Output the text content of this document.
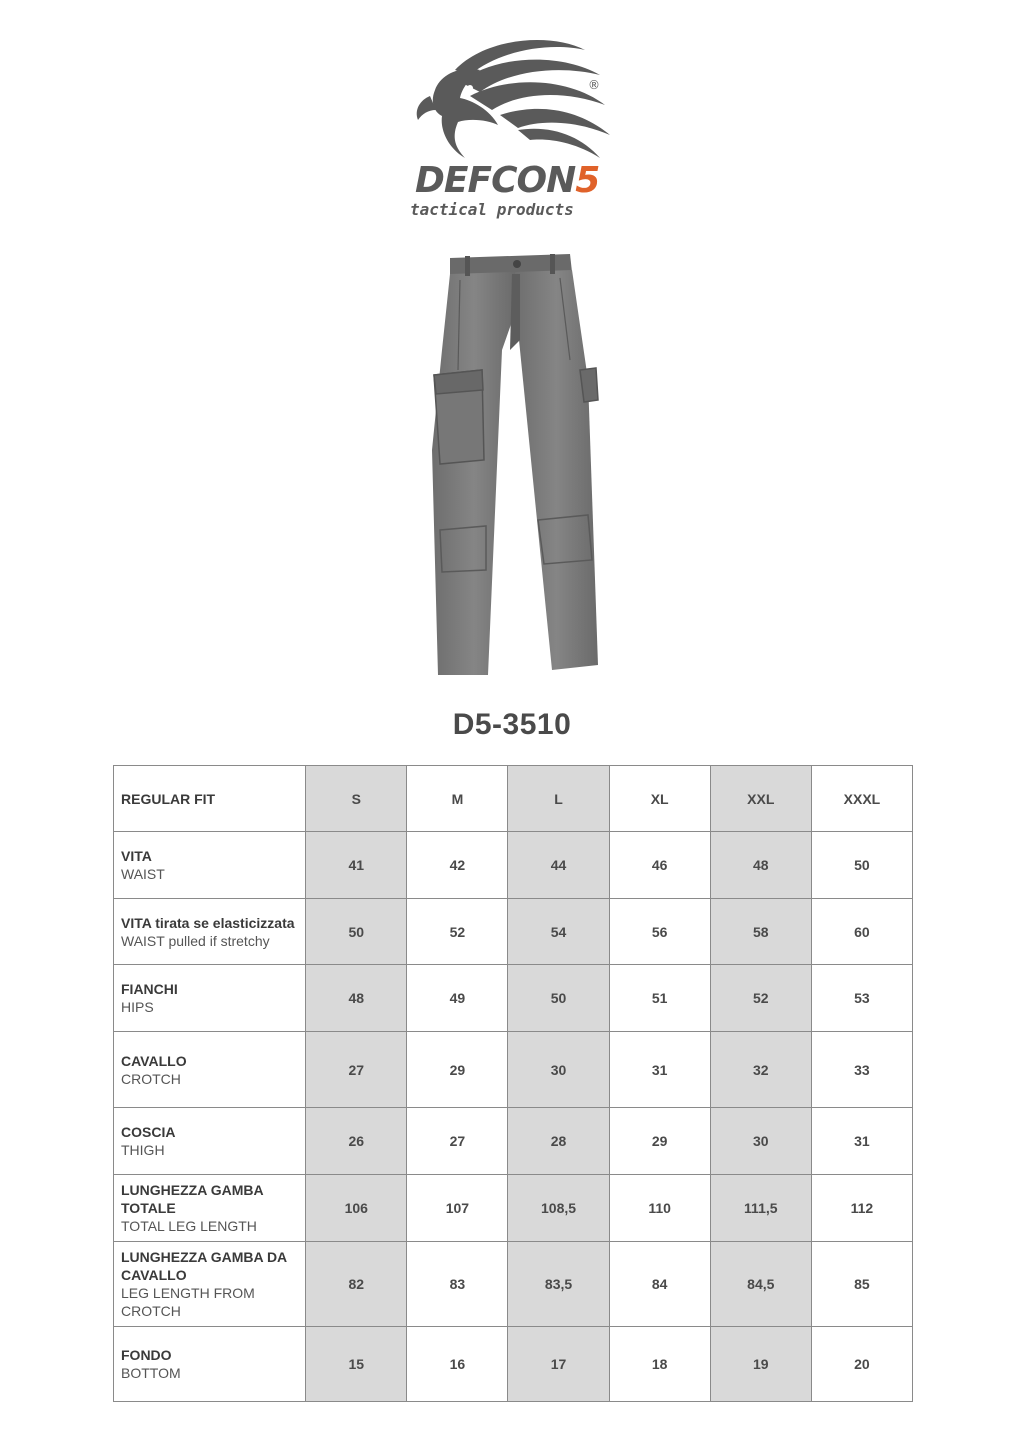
®
DEFCON5
tactical products
D5-3510
REGULAR FIT	S	M	L	XL	XXL	XXXL

VITA
WAIST	41	42	44	46	48	50

VITA tirata se elasticizzata
WAIST pulled if stretchy	50	52	54	56	58	60

FIANCHI
HIPS	48	49	50	51	52	53

CAVALLO
CROTCH	27	29	30	31	32	33

COSCIA
THIGH	26	27	28	29	30	31

LUNGHEZZA GAMBA TOTALE
TOTAL LEG LENGTH	106	107	108,5	110	111,5	112

LUNGHEZZA GAMBA DA CAVALLO
LEG LENGTH FROM CROTCH	82	83	83,5	84	84,5	85

FONDO
BOTTOM	15	16	17	18	19	20
